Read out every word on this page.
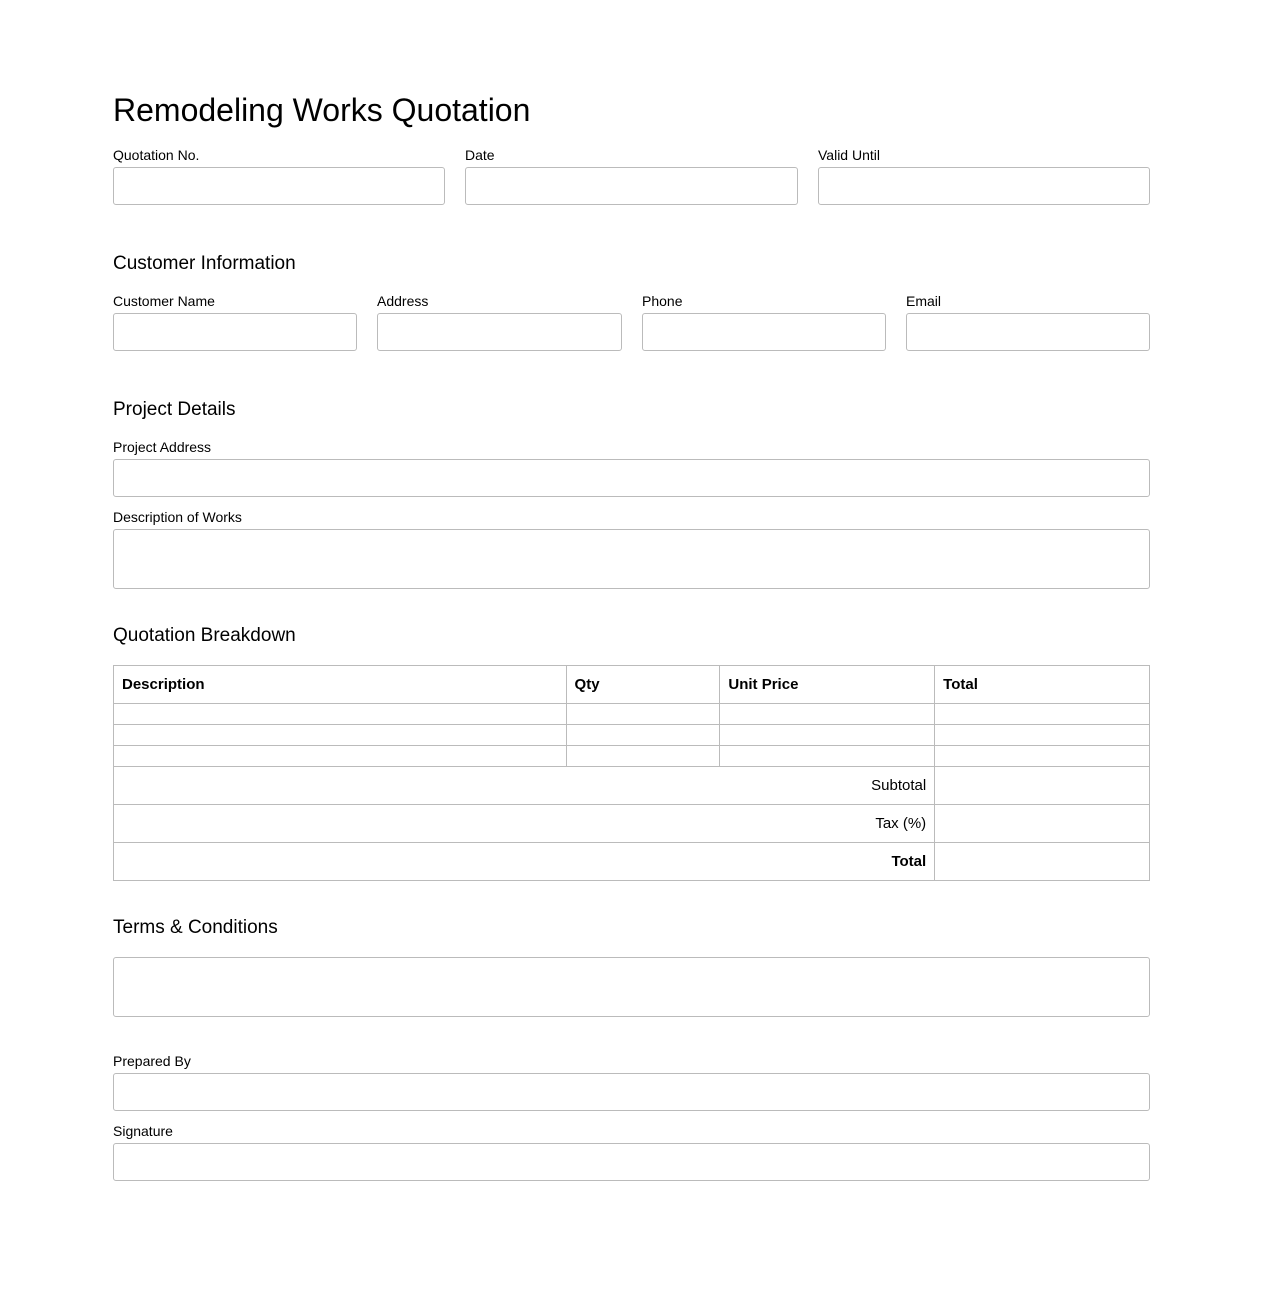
Remodeling Works Quotation
Quotation No.	Date	Valid Until
Customer Information
Customer Name	Address	Phone	Email
Project Details
Project Address
Description of Works
Quotation Breakdown
Description	Qty	Unit Price	Total

Subtotal			
Tax (%)			
Total			
Terms & Conditions
Prepared By
Signature
